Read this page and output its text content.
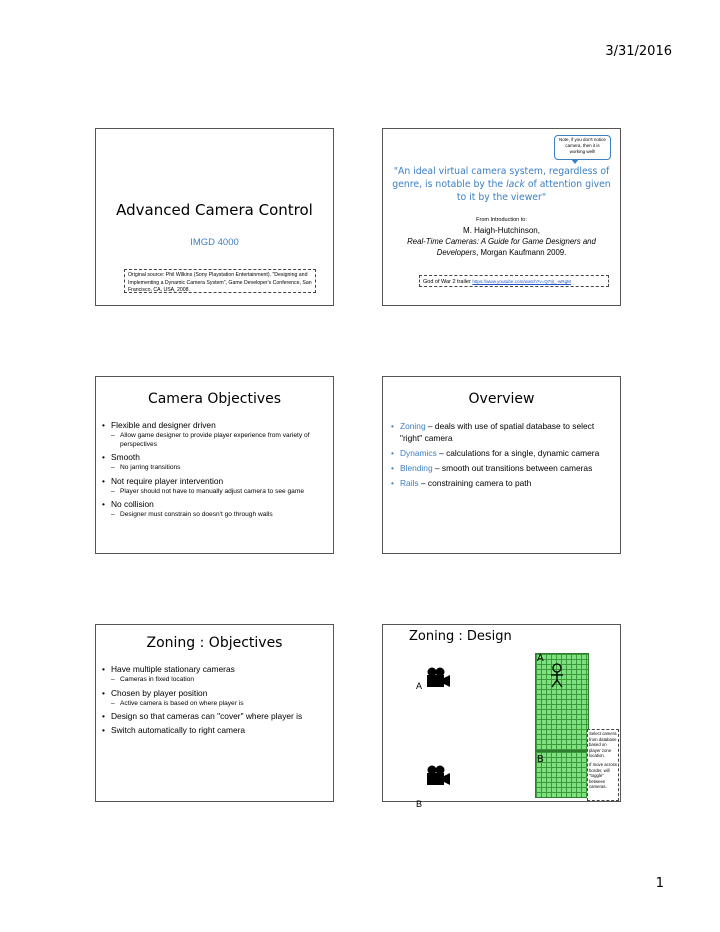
3/31/2016
Advanced Camera Control
IMGD 4000
Original source: Phil Wilkins (Sony Playstation Entertainment). "Designing and
Implementing a Dynamic Camera System", Game Developer's Conference, San
Francisco, CA, USA, 2008.
Note, if you don't notice camera, then it is working well!
"An ideal virtual camera system, regardless of genre, is notable by the lack of attention given to it by the viewer"
From Introduction to:
M. Haigh-Hutchinson,
Real-Time Cameras: A Guide for Game Designers and Developers, Morgan Kaufmann 2009.
God of War 2 trailer https://www.youtube.com/watch?v=Q7Ijt_-wRgM
Camera Objectives
• Flexible and designer driven
– Allow game designer to provide player experience from variety of perspectives
• Smooth
– No jarring transitions
• Not require player intervention
– Player should not have to manually adjust camera to see game
• No collision
– Designer must constrain so doesn't go through walls
Overview
• Zoning – deals with use of spatial database to select "right" camera
• Dynamics – calculations for a single, dynamic camera
• Blending – smooth out transitions between cameras
• Rails – constraining camera to path
Zoning : Objectives
• Have multiple stationary cameras
– Cameras in fixed location
• Chosen by player position
– Active camera is based on where player is
• Design so that cameras can "cover" where player is
• Switch automatically to right camera
Zoning : Design
A
B
A
B
Select camera from database based on player zone location.
If move across border, will "toggle" between cameras.
1
